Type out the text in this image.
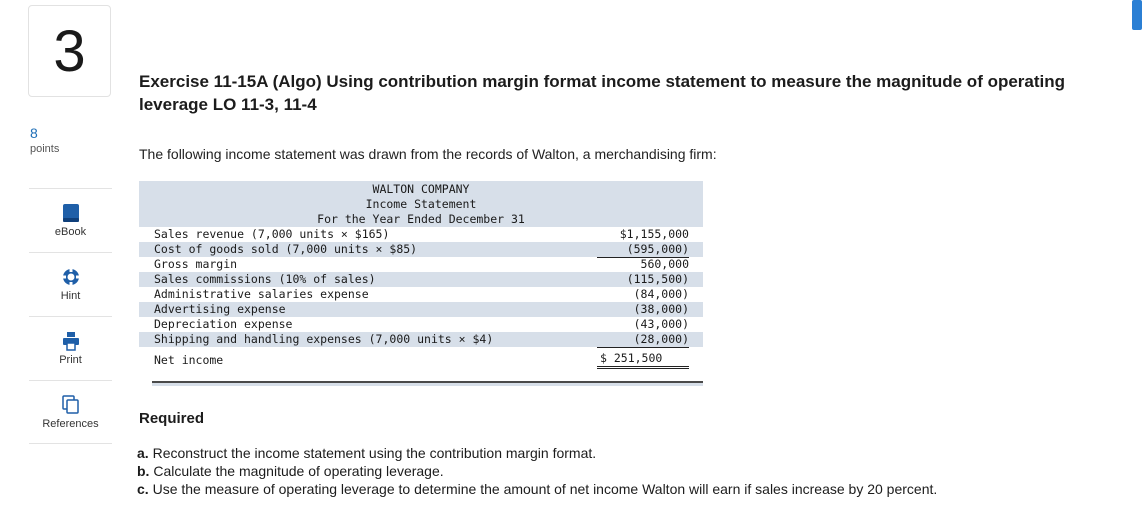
3
8
points
eBook
Hint
Print
References
Exercise 11-15A (Algo) Using contribution margin format income statement to measure the magnitude of operating leverage LO 11-3, 11-4
The following income statement was drawn from the records of Walton, a merchandising firm:
WALTON COMPANY
Income Statement
For the Year Ended December 31
Sales revenue (7,000 units × $165)	$1,155,000
Cost of goods sold (7,000 units × $85)	(595,000)
Gross margin	560,000
Sales commissions (10% of sales)	(115,500)
Administrative salaries expense	(84,000)
Advertising expense	(38,000)
Depreciation expense	(43,000)
Shipping and handling expenses (7,000 units × $4)	(28,000)
Net income	$ 251,500
Required
a. Reconstruct the income statement using the contribution margin format.
b. Calculate the magnitude of operating leverage.
c. Use the measure of operating leverage to determine the amount of net income Walton will earn if sales increase by 20 percent.
